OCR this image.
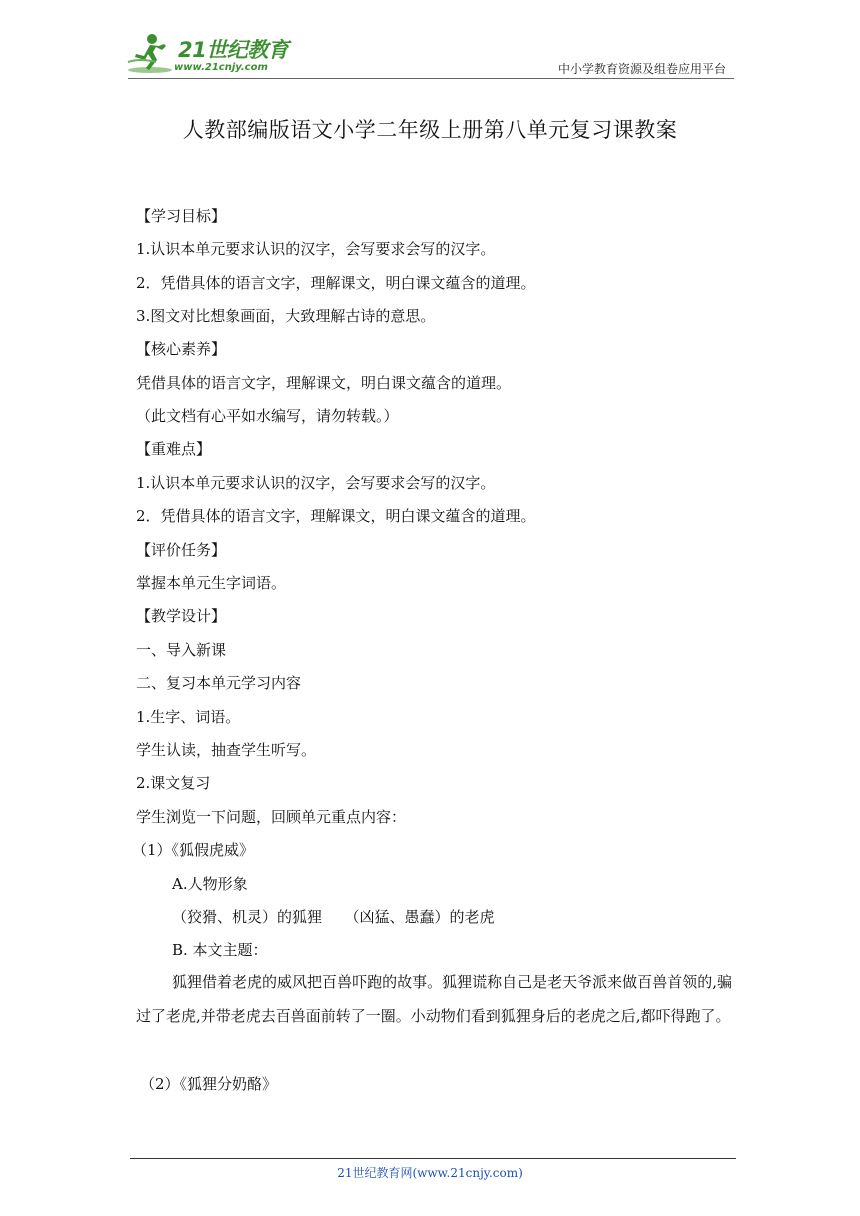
21世纪教育
www.21cnjy.com	中小学教育资源及组卷应用平台
人教部编版语文小学二年级上册第八单元复习课教案
【学习目标】
1.认识本单元要求认识的汉字，会写要求会写的汉字。
2．凭借具体的语言文字，理解课文，明白课文蕴含的道理。
3.图文对比想象画面，大致理解古诗的意思。
【核心素养】
凭借具体的语言文字，理解课文，明白课文蕴含的道理。
（此文档有心平如水编写，请勿转载。）
【重难点】
1.认识本单元要求认识的汉字，会写要求会写的汉字。
2．凭借具体的语言文字，理解课文，明白课文蕴含的道理。
【评价任务】
掌握本单元生字词语。
【教学设计】
一、导入新课
二、复习本单元学习内容
1.生字、词语。
学生认读，抽查学生听写。
2.课文复习
学生浏览一下问题，回顾单元重点内容：
（1）《狐假虎威》
A.人物形象
（狡猾、机灵）的狐狸　　（凶猛、愚蠢）的老虎
B. 本文主题：
狐狸借着老虎的威风把百兽吓跑的故事。狐狸谎称自己是老天爷派来做百兽首领的,骗过了老虎,并带老虎去百兽面前转了一圈。小动物们看到狐狸身后的老虎之后,都吓得跑了。
（2）《狐狸分奶酪》
21世纪教育网(www.21cnjy.com)
